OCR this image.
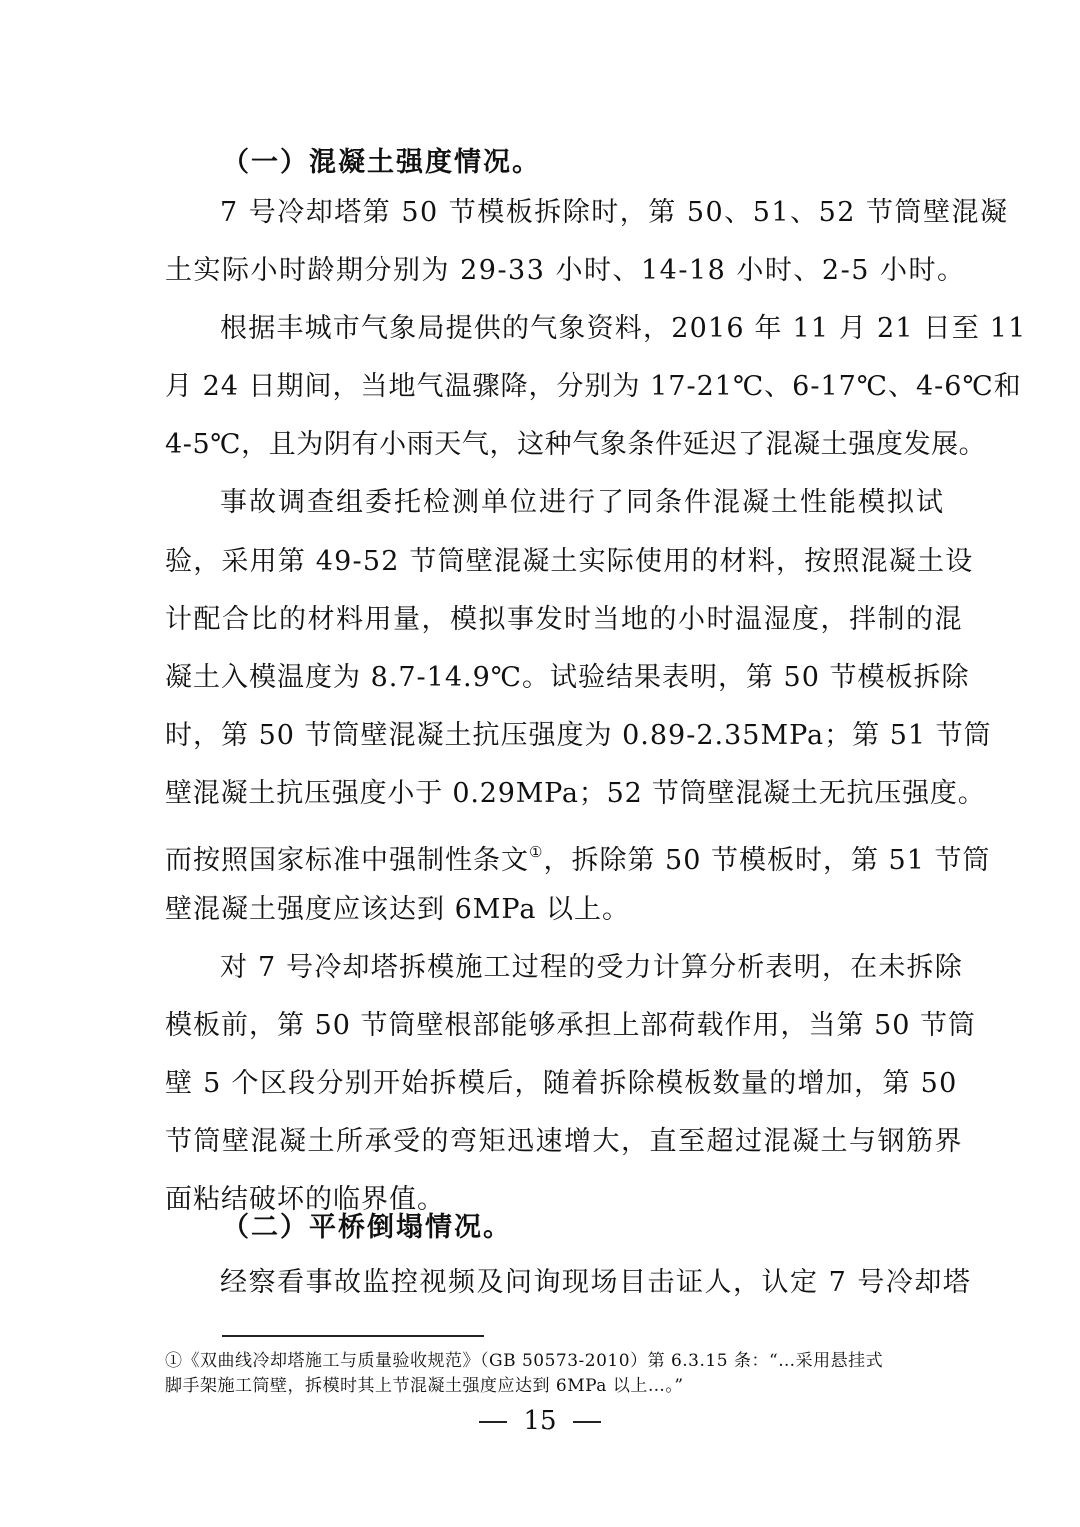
（一）混凝土强度情况。
7 号冷却塔第 50 节模板拆除时，第 50、51、52 节筒壁混凝
土实际小时龄期分别为 29-33 小时、14-18 小时、2-5 小时。
根据丰城市气象局提供的气象资料，2016 年 11 月 21 日至 11
月 24 日期间，当地气温骤降，分别为 17-21℃、6-17℃、4-6℃和
4-5℃，且为阴有小雨天气，这种气象条件延迟了混凝土强度发展。
事故调查组委托检测单位进行了同条件混凝土性能模拟试
验，采用第 49-52 节筒壁混凝土实际使用的材料，按照混凝土设
计配合比的材料用量，模拟事发时当地的小时温湿度，拌制的混
凝土入模温度为 8.7-14.9℃。试验结果表明，第 50 节模板拆除
时，第 50 节筒壁混凝土抗压强度为 0.89-2.35MPa；第 51 节筒
壁混凝土抗压强度小于 0.29MPa；52 节筒壁混凝土无抗压强度。
而按照国家标准中强制性条文①，拆除第 50 节模板时，第 51 节筒
壁混凝土强度应该达到 6MPa 以上。
对 7 号冷却塔拆模施工过程的受力计算分析表明，在未拆除
模板前，第 50 节筒壁根部能够承担上部荷载作用，当第 50 节筒
壁 5 个区段分别开始拆模后，随着拆除模板数量的增加，第 50
节筒壁混凝土所承受的弯矩迅速增大，直至超过混凝土与钢筋界
面粘结破坏的临界值。
（二）平桥倒塌情况。
经察看事故监控视频及问询现场目击证人，认定 7 号冷却塔
①《双曲线冷却塔施工与质量验收规范》（GB 50573-2010）第 6.3.15 条：“…采用悬挂式
脚手架施工筒壁，拆模时其上节混凝土强度应达到 6MPa 以上…。”
15
